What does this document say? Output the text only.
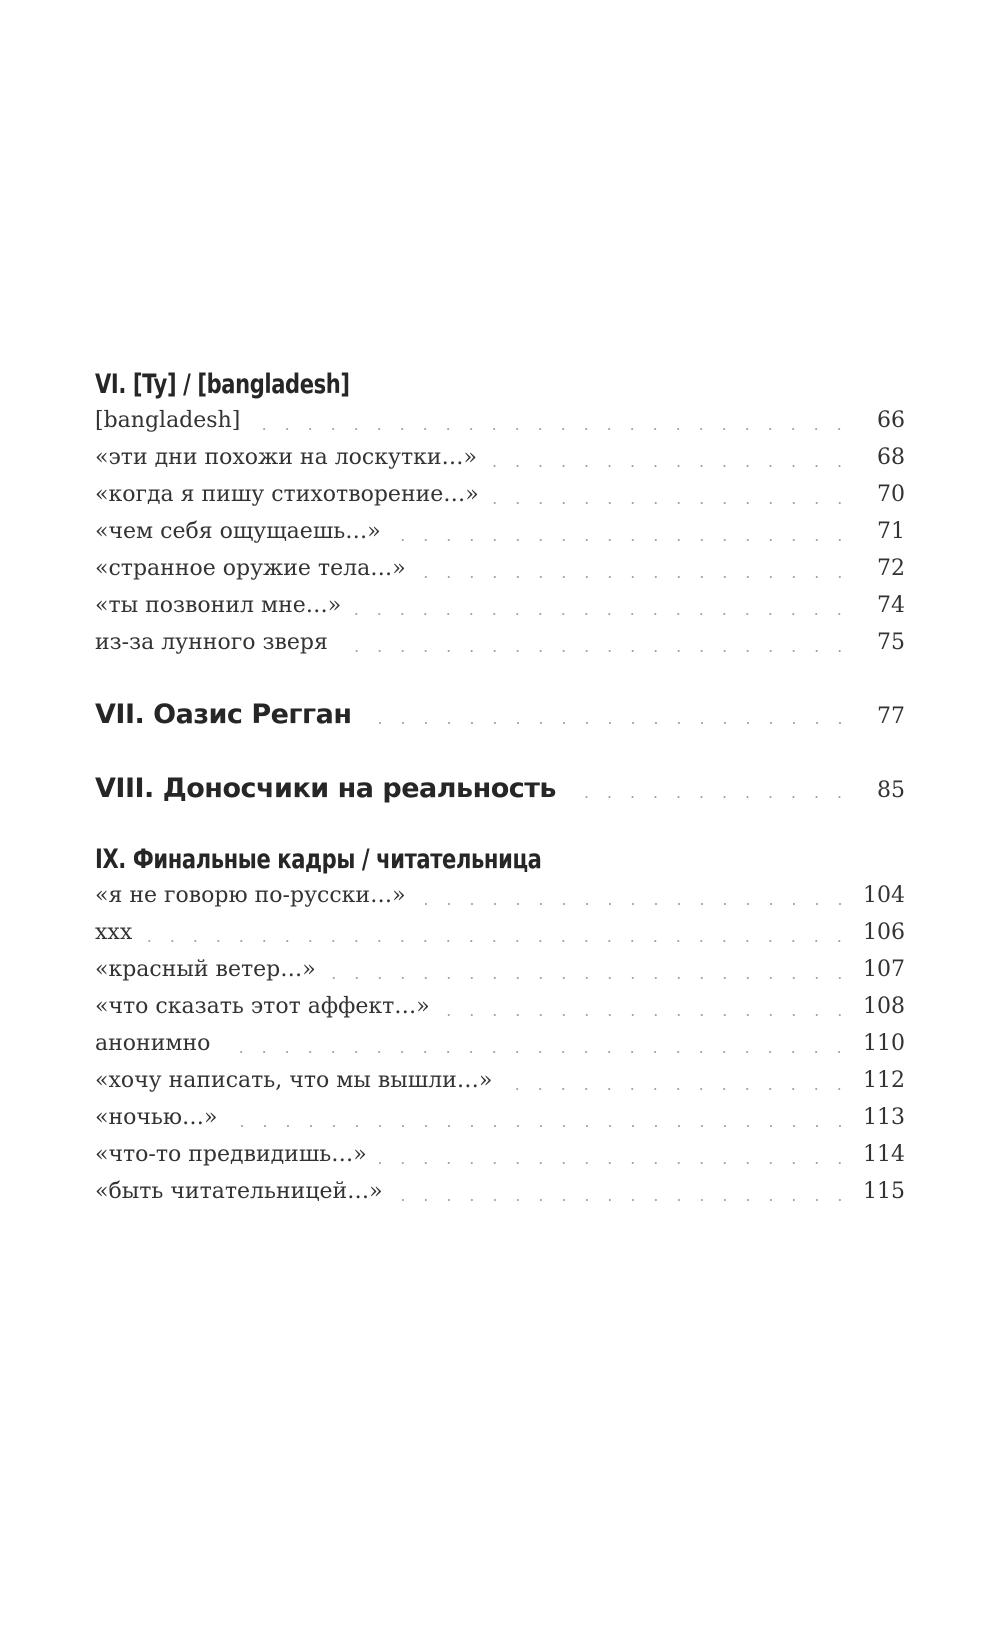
VI. [Ty] / [bangladesh]
[bangladesh]	66
«эти дни похожи на лоскутки…»	68
«когда я пишу стихотворение…»	70
«чем себя ощущаешь…»	71
«странное оружие тела…»	72
«ты позвонил мне…»	74
из-за лунного зверя	75
VII. Оазис Регган	77
VIII. Доносчики на реальность	85
IX. Финальные кадры / читательница
«я не говорю по-русски…»	104
xxx	106
«красный ветер…»	107
«что сказать этот аффект…»	108
анонимно	110
«хочу написать, что мы вышли…»	112
«ночью…»	113
«что-то предвидишь…»	114
«быть читательницей…»	115
